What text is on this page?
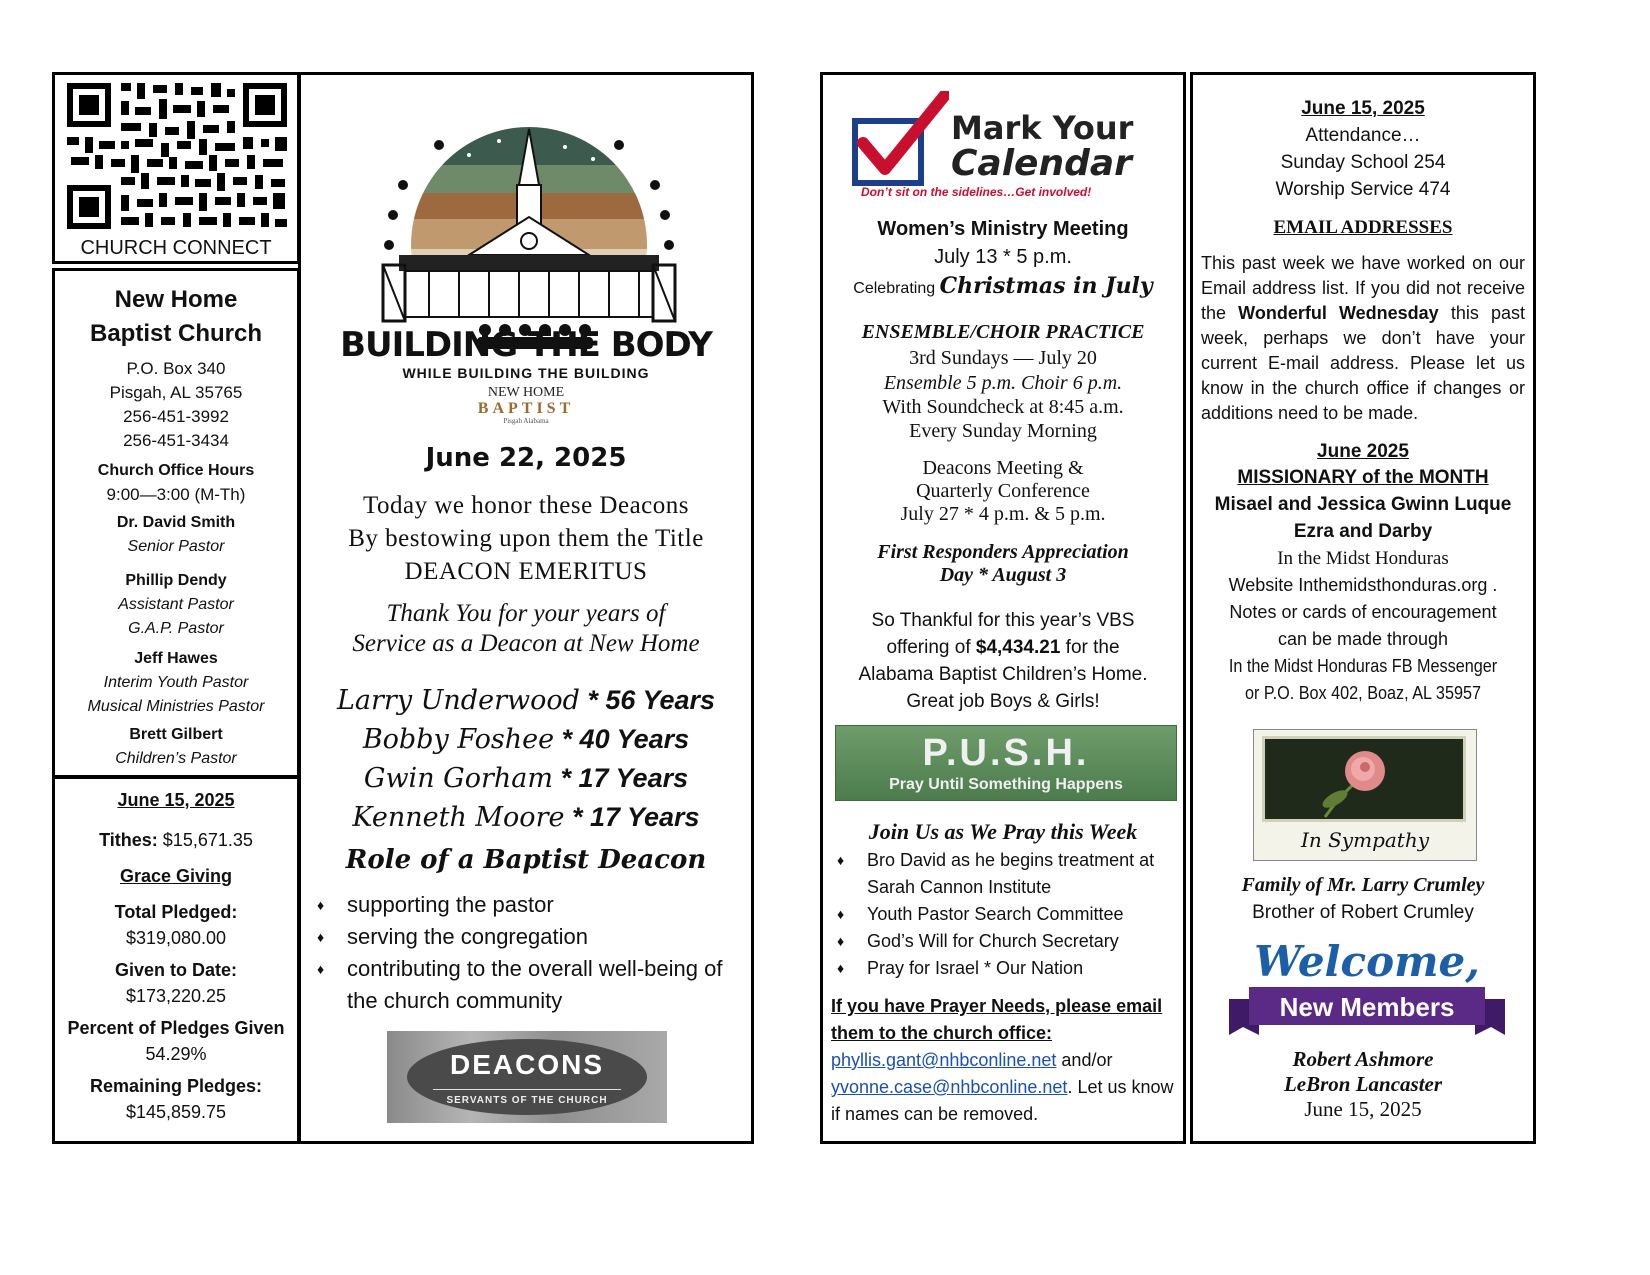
CHURCH CONNECT
New Home
Baptist Church
P.O. Box 340
Pisgah, AL 35765
256-451-3992
256-451-3434
Church Office Hours
9:00—3:00 (M-Th)
Dr. David Smith
Senior Pastor
Phillip Dendy
Assistant Pastor
G.A.P. Pastor
Jeff Hawes
Interim Youth Pastor
Musical Ministries Pastor
Brett Gilbert
Children’s Pastor
June 15, 2025
Tithes: $15,671.35
Grace Giving
Total Pledged:
$319,080.00
Given to Date:
$173,220.25
Percent of Pledges Given
54.29%
Remaining Pledges:
$145,859.75
BUILDING THE BODY
WHILE BUILDING THE BUILDING
NEW HOME
BAPTIST
Pisgah Alabama
June 22, 2025
Today we honor these Deacons
By bestowing upon them the Title
DEACON EMERITUS
Thank You for your years of
Service as a Deacon at New Home
Larry Underwood * 56 Years
Bobby Foshee * 40 Years
Gwin Gorham * 17 Years
Kenneth Moore * 17 Years
Role of a Baptist Deacon
♦ supporting the pastor
♦ serving the congregation
♦ contributing to the overall well-being of the church community
DEACONS
SERVANTS OF THE CHURCH
Mark Your
Calendar
Don’t sit on the sidelines…Get involved!
Women’s Ministry Meeting
July 13 * 5 p.m.
Celebrating Christmas in July
ENSEMBLE/CHOIR PRACTICE
3rd Sundays — July 20
Ensemble 5 p.m. Choir 6 p.m.
With Soundcheck at 8:45 a.m.
Every Sunday Morning
Deacons Meeting &
Quarterly Conference
July 27 * 4 p.m. & 5 p.m.
First Responders Appreciation
Day * August 3
So Thankful for this year’s VBS
offering of $4,434.21 for the
Alabama Baptist Children’s Home.
Great job Boys & Girls!
P.U.S.H.
Pray Until Something Happens
Join Us as We Pray this Week
♦ Bro David as he begins treatment at Sarah Cannon Institute
♦ Youth Pastor Search Committee
♦ God’s Will for Church Secretary
♦ Pray for Israel * Our Nation
If you have Prayer Needs, please email them to the church office:
phyllis.gant@nhbconline.net and/or
yvonne.case@nhbconline.net. Let us know if names can be removed.
June 15, 2025
Attendance…
Sunday School 254
Worship Service 474
EMAIL ADDRESSES
This past week we have worked on our Email address list. If you did not receive the Wonderful Wednesday this past week, perhaps we don’t have your current E-mail address. Please let us know in the church office if changes or additions need to be made.
June 2025
MISSIONARY of the MONTH
Misael and Jessica Gwinn Luque
Ezra and Darby
In the Midst Honduras
Website Inthemidsthonduras.org .
Notes or cards of encouragement
can be made through
In the Midst Honduras FB Messenger
or P.O. Box 402, Boaz, AL 35957
In Sympathy
Family of Mr. Larry Crumley
Brother of Robert Crumley
Welcome,
New Members
Robert Ashmore
LeBron Lancaster
June 15, 2025
